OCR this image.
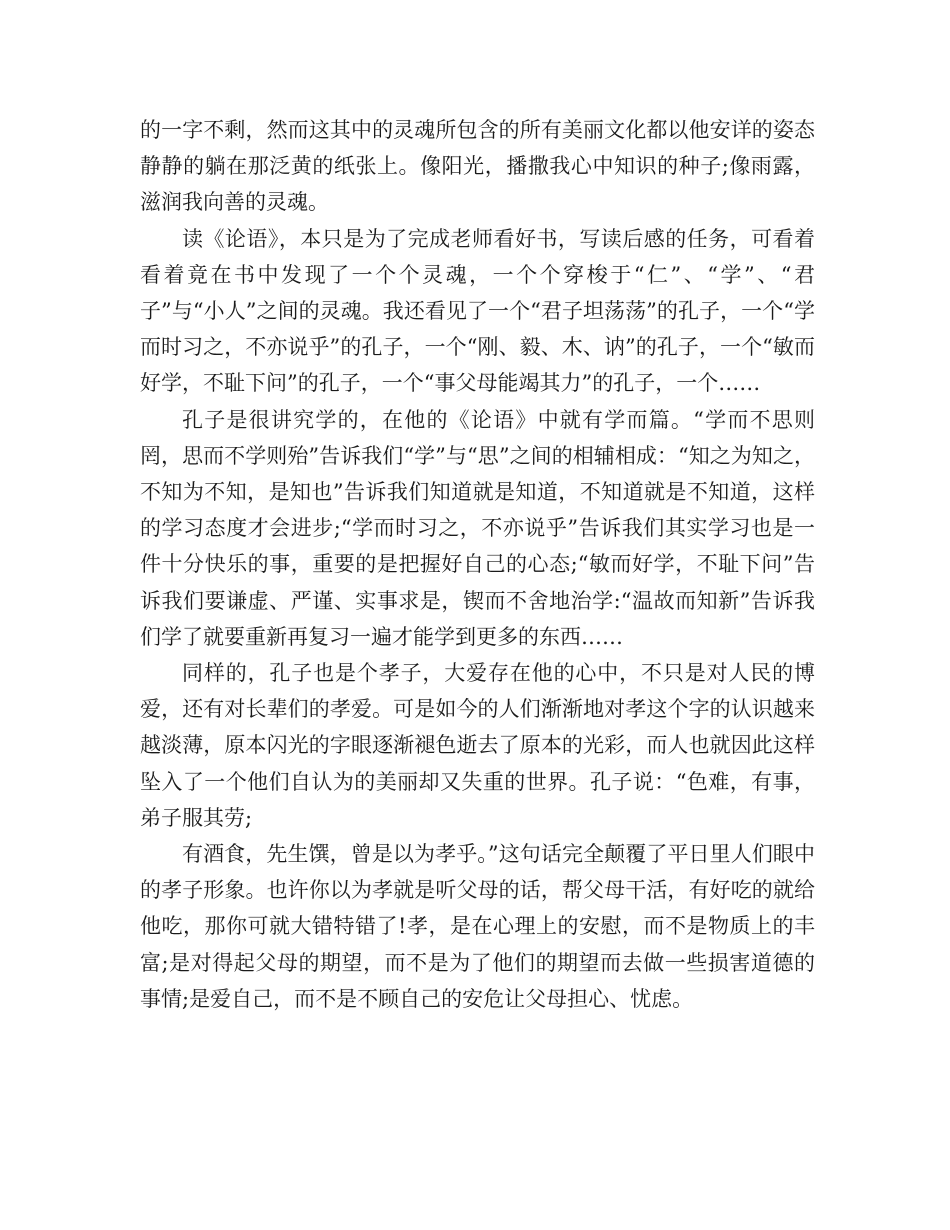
的一字不剩，然而这其中的灵魂所包含的所有美丽文化都以他安详的姿态静静的躺在那泛黄的纸张上。像阳光，播撒我心中知识的种子;像雨露，滋润我向善的灵魂。

读《论语》，本只是为了完成老师看好书，写读后感的任务，可看着看着竟在书中发现了一个个灵魂，一个个穿梭于“仁”、“学”、“君子”与“小人”之间的灵魂。我还看见了一个“君子坦荡荡”的孔子，一个“学而时习之，不亦说乎”的孔子，一个“刚、毅、木、讷”的孔子，一个“敏而好学，不耻下问”的孔子，一个“事父母能竭其力”的孔子，一个……

孔子是很讲究学的，在他的《论语》中就有学而篇。“学而不思则罔，思而不学则殆”告诉我们“学”与“思”之间的相辅相成：“知之为知之，不知为不知，是知也”告诉我们知道就是知道，不知道就是不知道，这样的学习态度才会进步;“学而时习之，不亦说乎”告诉我们其实学习也是一件十分快乐的事，重要的是把握好自己的心态;“敏而好学，不耻下问”告诉我们要谦虚、严谨、实事求是，锲而不舍地治学:“温故而知新”告诉我们学了就要重新再复习一遍才能学到更多的东西……

同样的，孔子也是个孝子，大爱存在他的心中，不只是对人民的博爱，还有对长辈们的孝爱。可是如今的人们渐渐地对孝这个字的认识越来越淡薄，原本闪光的字眼逐渐褪色逝去了原本的光彩，而人也就因此这样坠入了一个他们自认为的美丽却又失重的世界。孔子说：“色难，有事，弟子服其劳;

有酒食，先生馔，曾是以为孝乎。”这句话完全颠覆了平日里人们眼中的孝子形象。也许你以为孝就是听父母的话，帮父母干活，有好吃的就给他吃，那你可就大错特错了!孝，是在心理上的安慰，而不是物质上的丰富;是对得起父母的期望，而不是为了他们的期望而去做一些损害道德的事情;是爱自己，而不是不顾自己的安危让父母担心、忧虑。
